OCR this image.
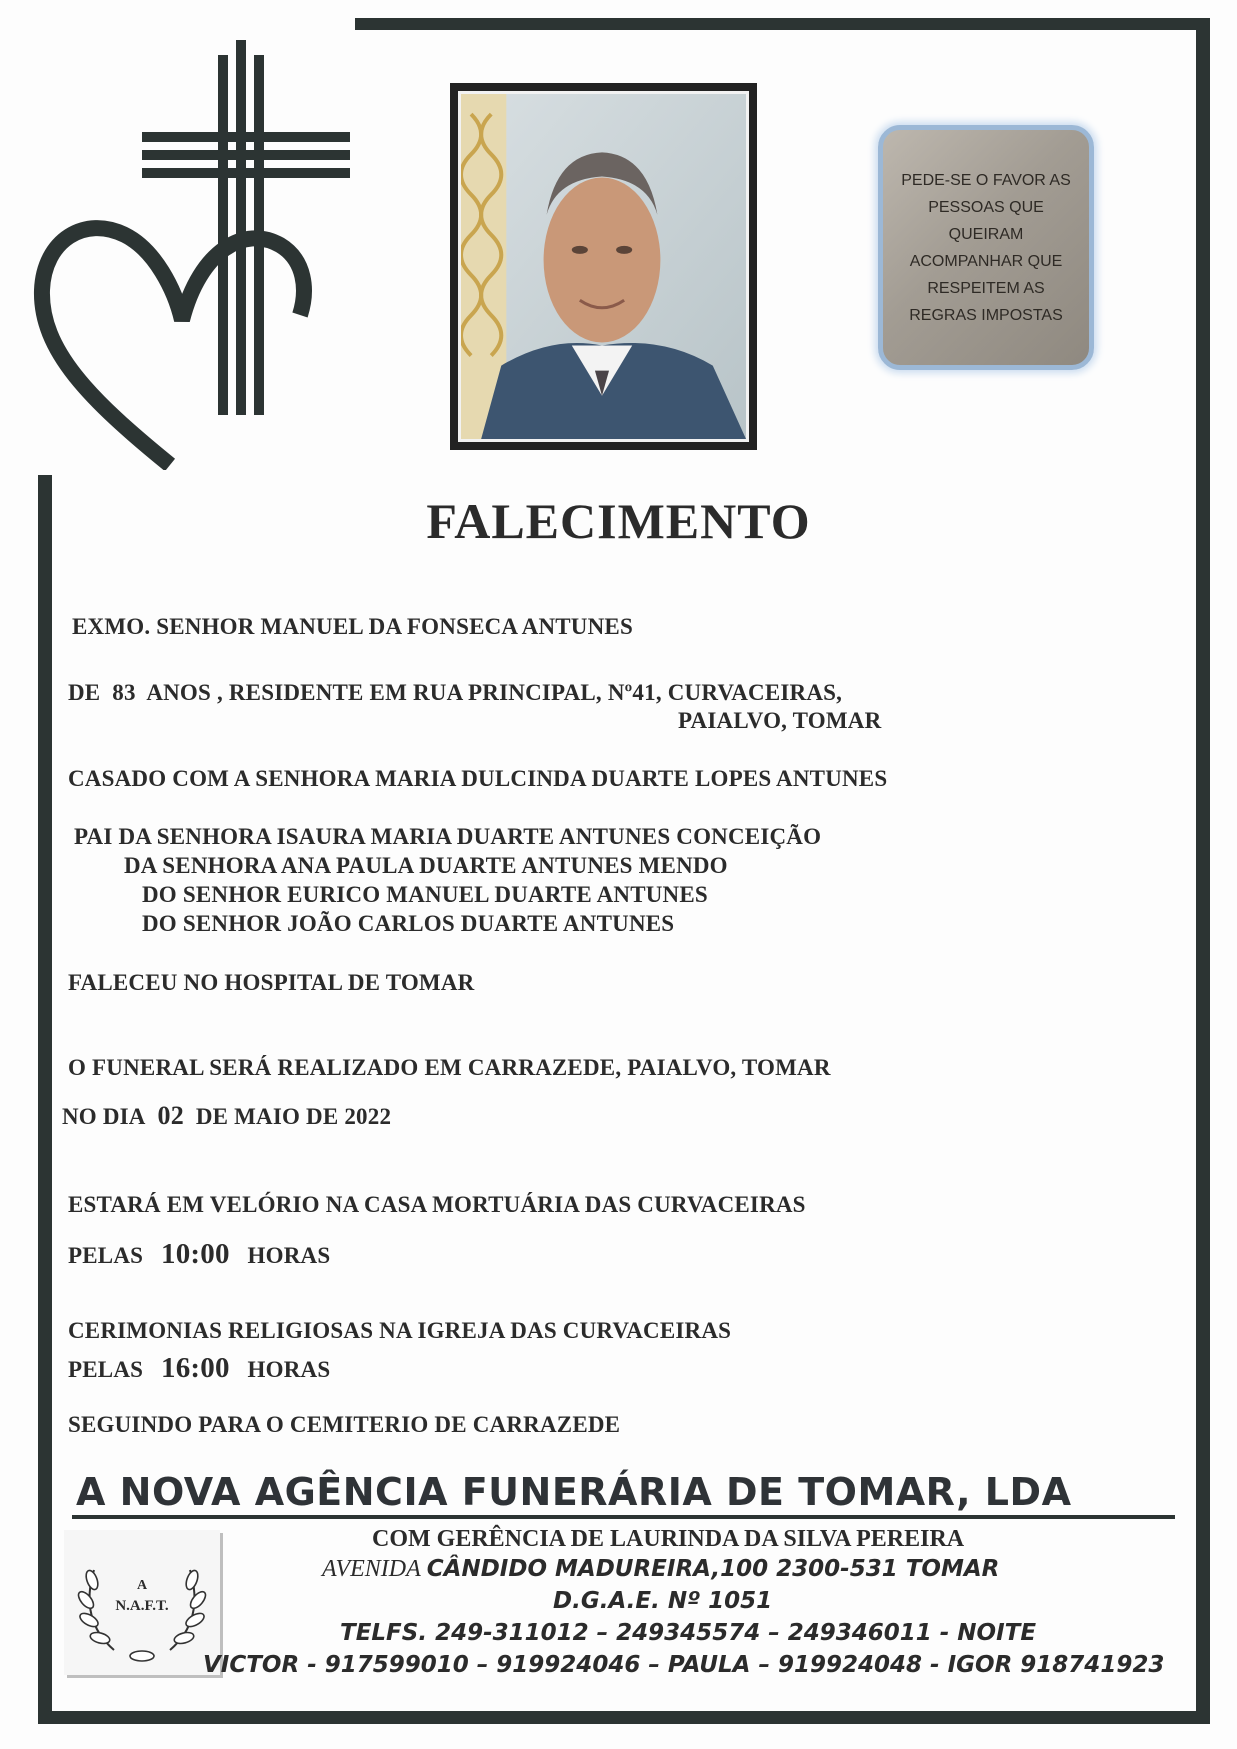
PEDE-SE O FAVOR AS
PESSOAS QUE
QUEIRAM
ACOMPANHAR QUE
RESPEITEM AS
REGRAS IMPOSTAS
FALECIMENTO
EXMO. SENHOR MANUEL DA FONSECA ANTUNES
DE 83 ANOS , RESIDENTE EM RUA PRINCIPAL, Nº41, CURVACEIRAS,
PAIALVO, TOMAR
CASADO COM A SENHORA MARIA DULCINDA DUARTE LOPES ANTUNES
PAI DA SENHORA ISAURA MARIA DUARTE ANTUNES CONCEIÇÃO
DA SENHORA ANA PAULA DUARTE ANTUNES MENDO
DO SENHOR EURICO MANUEL DUARTE ANTUNES
DO SENHOR JOÃO CARLOS DUARTE ANTUNES
FALECEU NO HOSPITAL DE TOMAR
O FUNERAL SERÁ REALIZADO EM CARRAZEDE, PAIALVO, TOMAR
NO DIA 02 DE MAIO DE 2022
ESTARÁ EM VELÓRIO NA CASA MORTUÁRIA DAS CURVACEIRAS
PELAS 10:00 HORAS
CERIMONIAS RELIGIOSAS NA IGREJA DAS CURVACEIRAS
PELAS 16:00 HORAS
SEGUINDO PARA O CEMITERIO DE CARRAZEDE
A NOVA AGÊNCIA FUNERÁRIA DE TOMAR, LDA
A
N.A.F.T.
COM GERÊNCIA DE LAURINDA DA SILVA PEREIRA
AVENIDA CÂNDIDO MADUREIRA,100 2300-531 TOMAR
D.G.A.E. Nº 1051
TELFS. 249-311012 – 249345574 – 249346011 - NOITE
VICTOR - 917599010 – 919924046 – PAULA – 919924048 - IGOR 918741923
